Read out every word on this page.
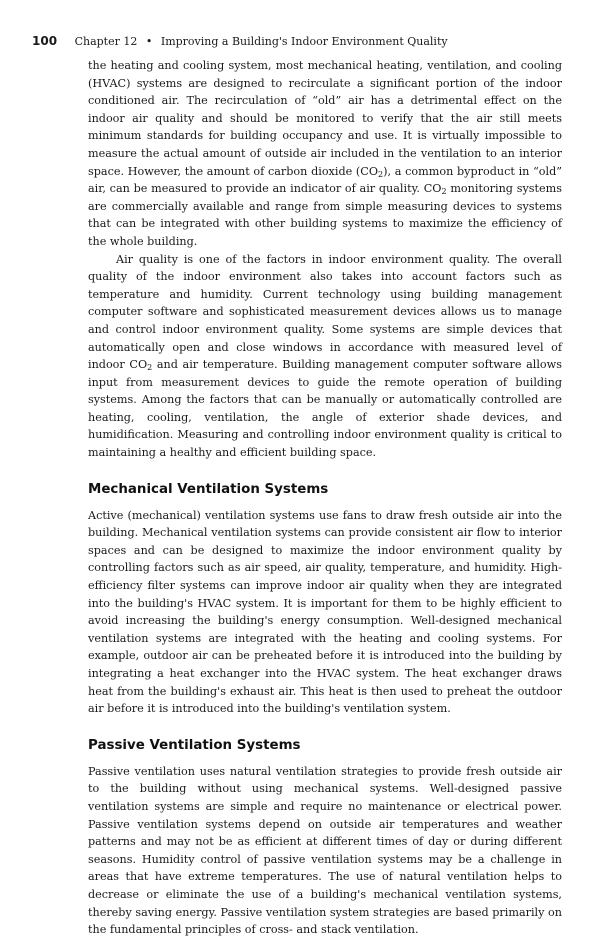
100 Chapter 12 • Improving a Building's Indoor Environment Quality

the heating and cooling system, most mechanical heating, ventilation, and cooling (HVAC) systems are designed to recirculate a significant portion of the indoor conditioned air. The recirculation of “old” air has a detrimental effect on the indoor air quality and should be monitored to verify that the air still meets minimum standards for building occupancy and use. It is virtually impossible to measure the actual amount of outside air included in the ventilation to an interior space. However, the amount of carbon dioxide $(CO_2)$, a common byproduct in “old” air, can be measured to provide an indicator of air quality. $CO_2$ monitoring systems are commercially available and range from simple measuring devices to systems that can be integrated with other building systems to maximize the efficiency of the whole building.

Air quality is one of the factors in indoor environment quality. The overall quality of the indoor environment also takes into account factors such as temperature and humidity. Current technology using building management computer software and sophisticated measurement devices allows us to manage and control indoor environment quality. Some systems are simple devices that automatically open and close windows in accordance with measured level of indoor $CO_2$ and air temperature. Building management computer software allows input from measurement devices to guide the remote operation of building systems. Among the factors that can be manually or automatically controlled are heating, cooling, ventilation, the angle of exterior shade devices, and humidification. Measuring and controlling indoor environment quality is critical to maintaining a healthy and efficient building space.

Mechanical Ventilation Systems

Active (mechanical) ventilation systems use fans to draw fresh outside air into the building. Mechanical ventilation systems can provide consistent air flow to interior spaces and can be designed to maximize the indoor environment quality by controlling factors such as air speed, air quality, temperature, and humidity. High-efficiency filter systems can improve indoor air quality when they are integrated into the building's HVAC system. It is important for them to be highly efficient to avoid increasing the building's energy consumption. Well-designed mechanical ventilation systems are integrated with the heating and cooling systems. For example, outdoor air can be preheated before it is introduced into the building by integrating a heat exchanger into the HVAC system. The heat exchanger draws heat from the building's exhaust air. This heat is then used to preheat the outdoor air before it is introduced into the building's ventilation system.

Passive Ventilation Systems

Passive ventilation uses natural ventilation strategies to provide fresh outside air to the building without using mechanical systems. Well-designed passive ventilation systems are simple and require no maintenance or electrical power. Passive ventilation systems depend on outside air temperatures and weather patterns and may not be as efficient at different times of day or during different seasons. Humidity control of passive ventilation systems may be a challenge in areas that have extreme temperatures. The use of natural ventilation helps to decrease or eliminate the use of a building's mechanical ventilation systems, thereby saving energy. Passive ventilation system strategies are based primarily on the fundamental principles of cross- and stack ventilation.
